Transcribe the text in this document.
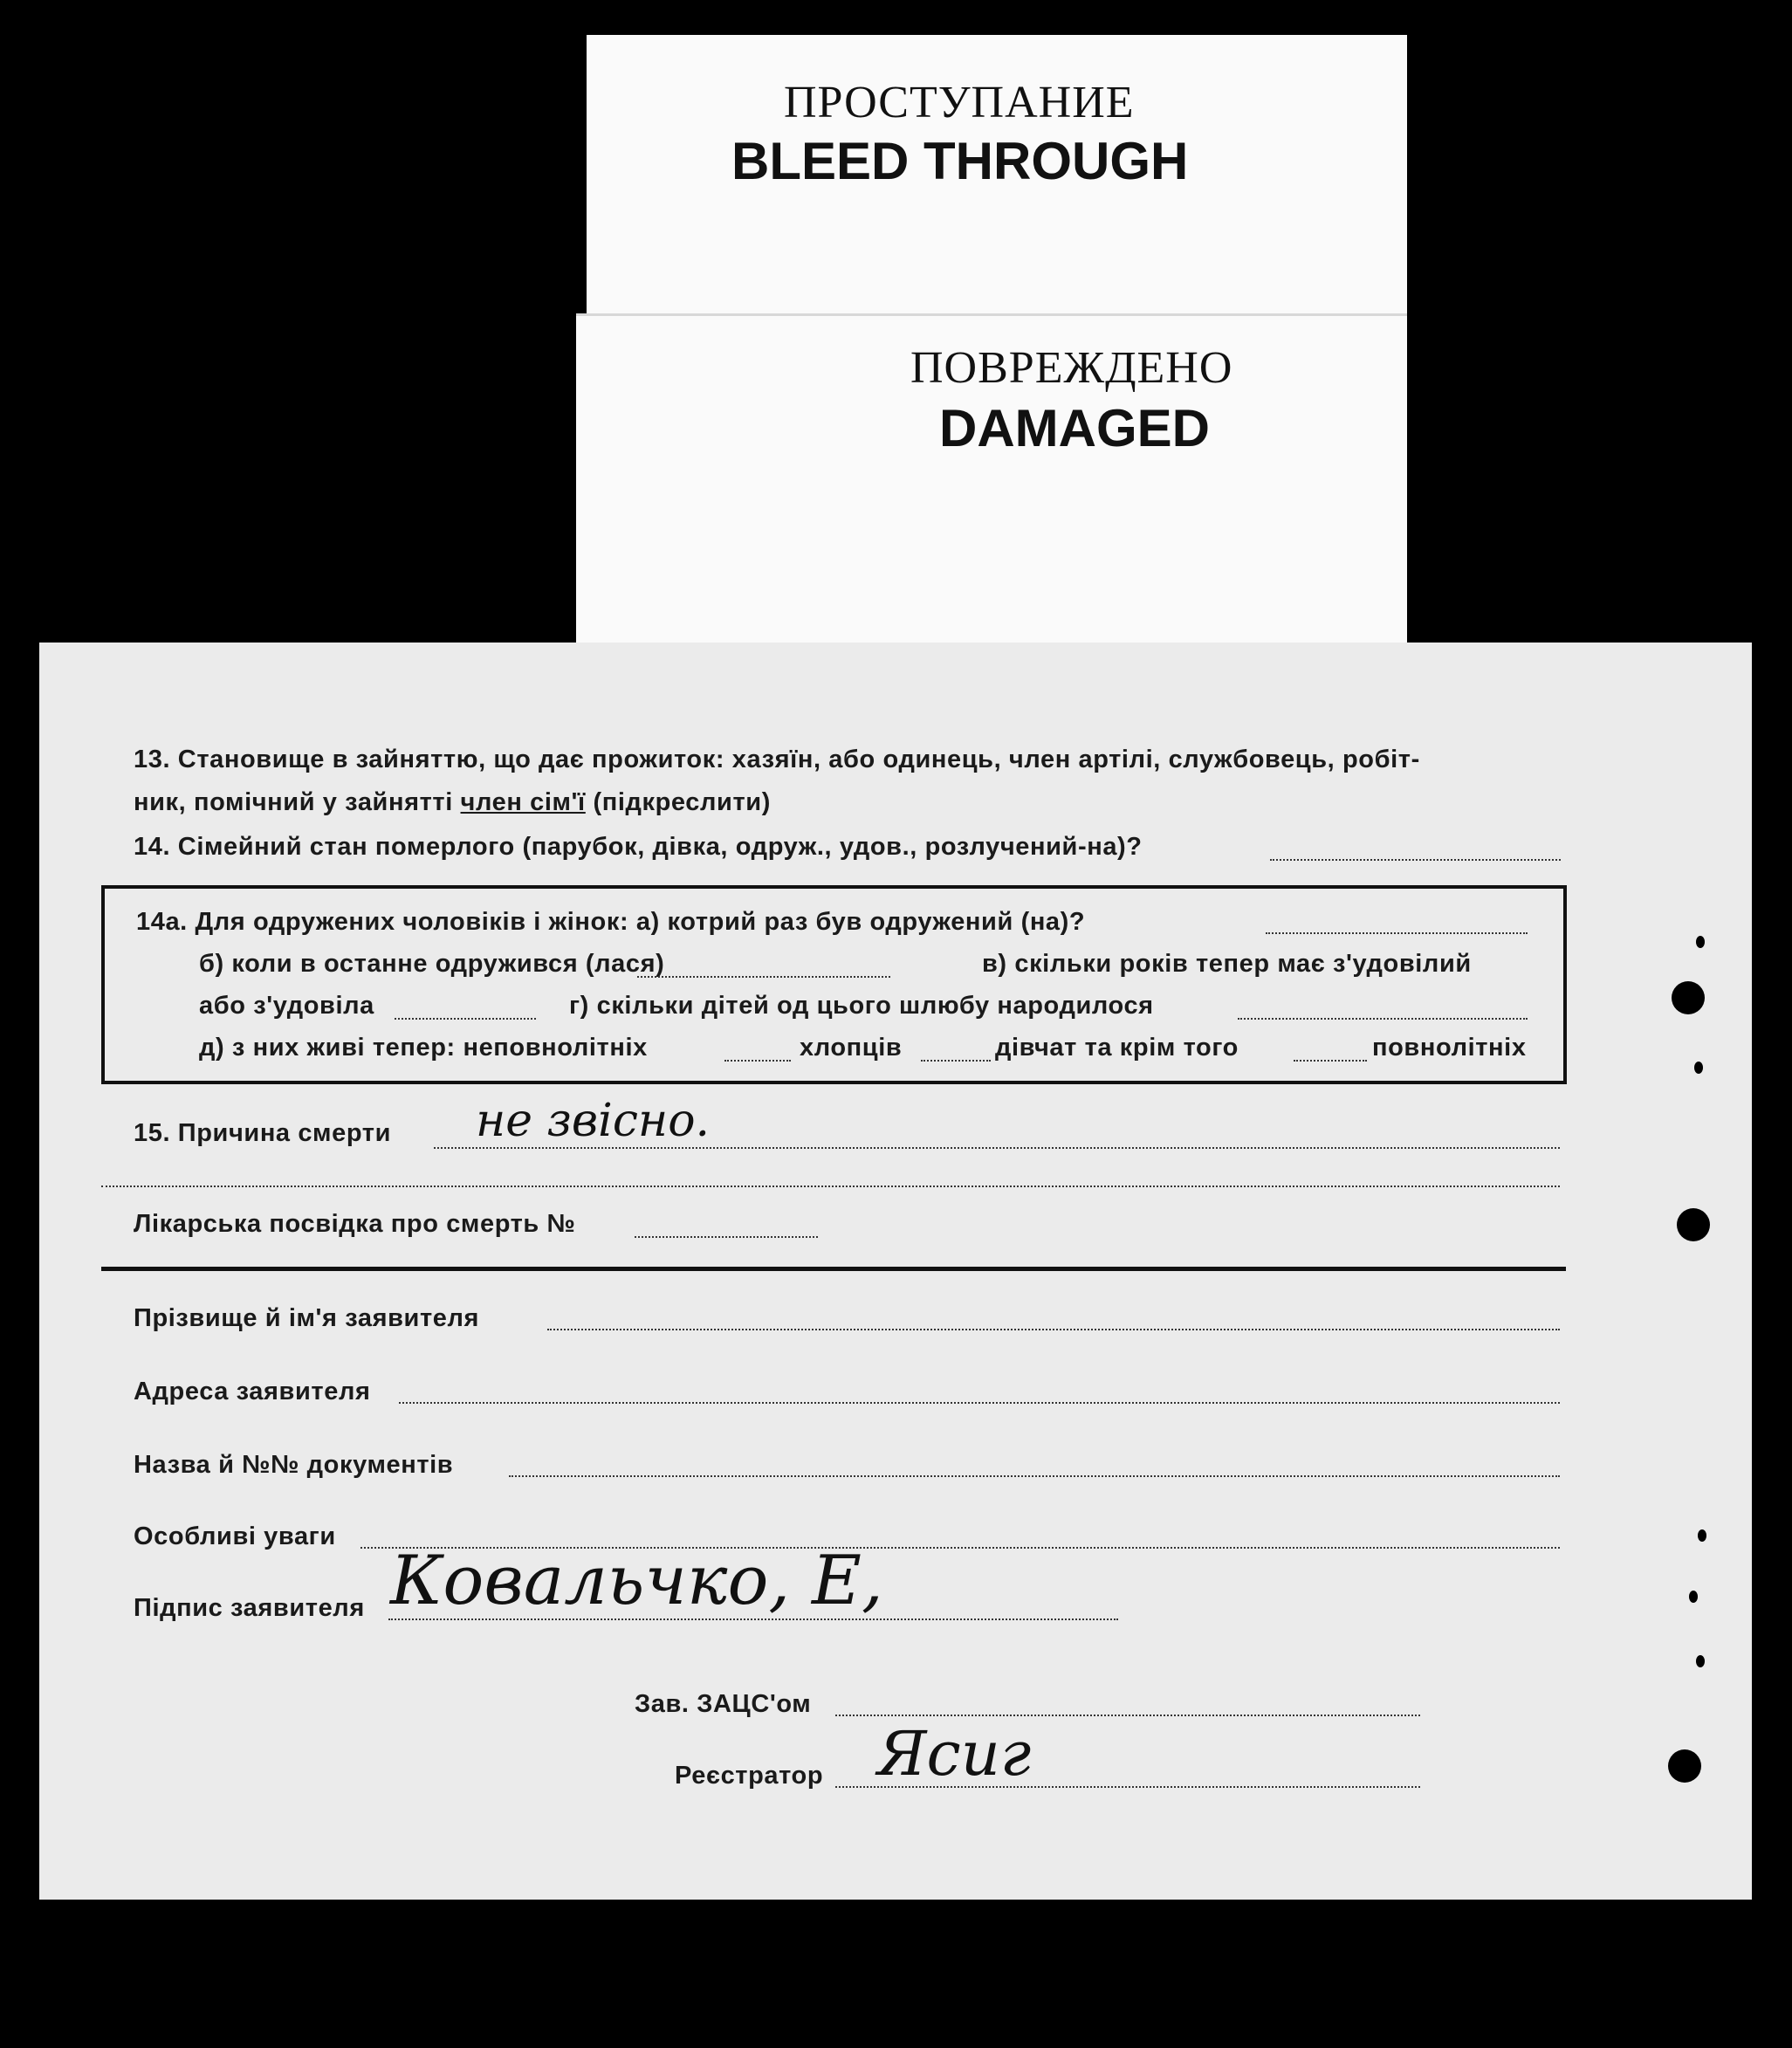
ПРОСТУПАНИЕ
BLEED THROUGH
ПОВРЕЖДЕНО
DAMAGED
13. Становище в зайняттю, що дає прожиток: хазяїн, або одинець, член артілі, службовець, робіт-
ник, помічний у зайнятті член сім'ї (підкреслити)
14. Сімейний стан померлого (парубок, дівка, одруж., удов., розлучений-на)?
14а. Для одружених чоловіків і жінок: а) котрий раз був одружений (на)?
б) коли в останне одружився (лася)	в) скільки років тепер має з'удовілий
або з'удовіла	г) скільки дітей од цього шлюбу народилося
д) з них живі тепер: неповнолітніх	хлопців	дівчат та крім того	повнолітніх
15. Причина смерти не звісно.
Лікарська посвідка про смерть №
Прізвище й ім'я заявителя
Адреса заявителя
Назва й №№ документів
Особливі уваги
Підпис заявителя Ковальчко, Е,
Зав. ЗАЦС'ом
Реєстратор Ясиг
